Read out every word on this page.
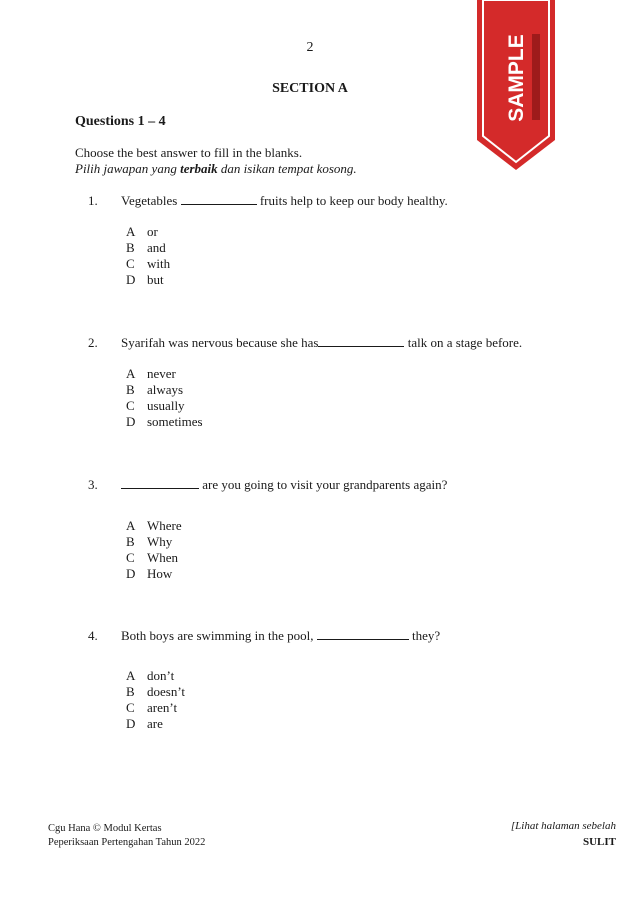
2
SECTION A
Questions 1 – 4
Choose the best answer to fill in the blanks.
Pilih jawapan yang terbaik dan isikan tempat kosong.
1. Vegetables	fruits help to keep our body healthy.
A or
B and
C with
D but
2. Syarifah was nervous because she has	talk on a stage before.
A never
B always
C usually
D sometimes
3.	are you going to visit your grandparents again?
A Where
B Why
C When
D How
4. Both boys are swimming in the pool,	they?
A don’t
B doesn’t
C aren’t
D are
Cgu Hana © Modul Kertas
Peperiksaan Pertengahan Tahun 2022
[Lihat halaman sebelah
SULIT
SAMPLE
